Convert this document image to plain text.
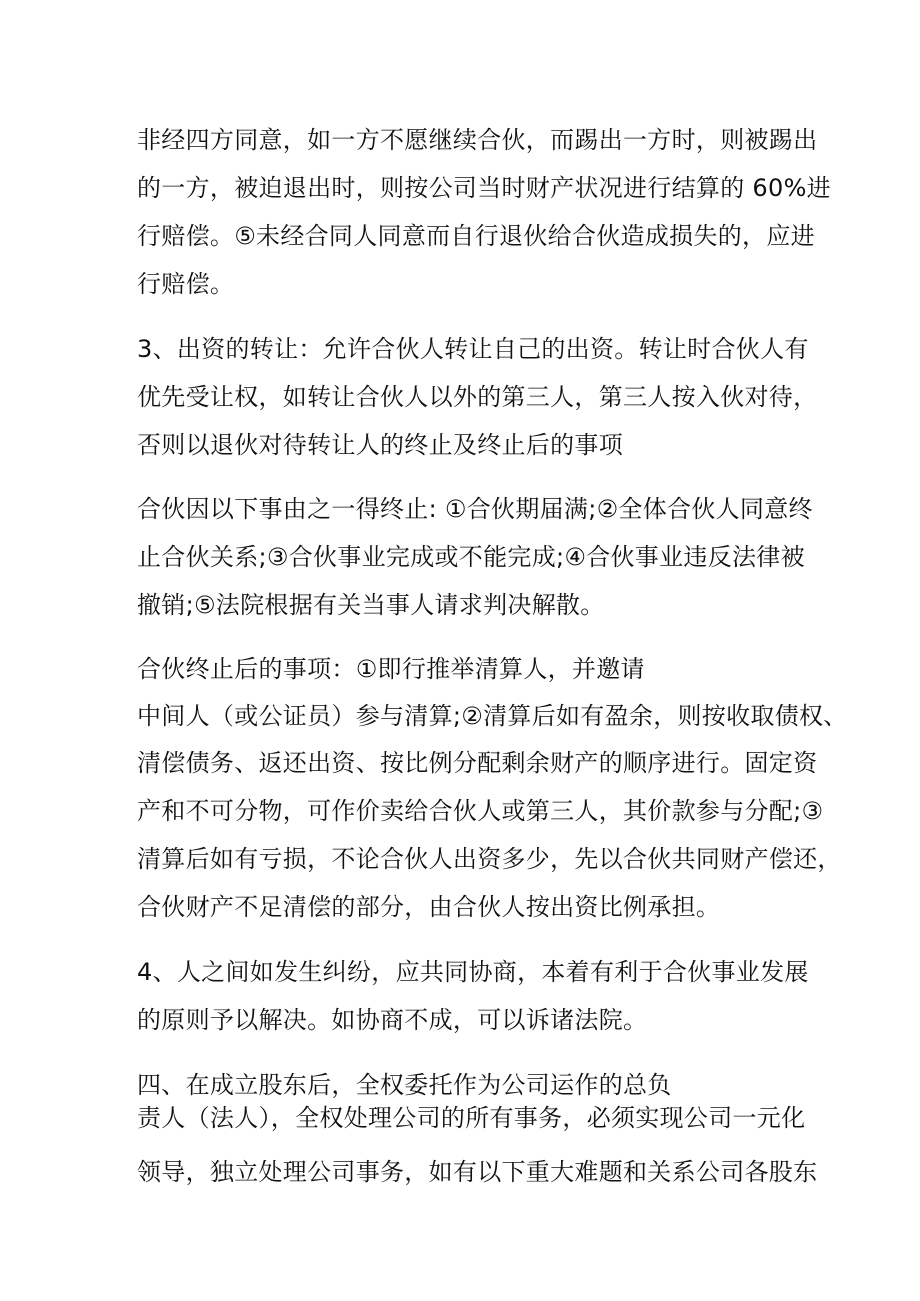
非经四方同意，如一方不愿继续合伙，而踢出一方时，则被踢出
的一方，被迫退出时，则按公司当时财产状况进行结算的 60%进
行赔偿。⑤未经合同人同意而自行退伙给合伙造成损失的，应进
行赔偿。
3、出资的转让：允许合伙人转让自己的出资。转让时合伙人有
优先受让权，如转让合伙人以外的第三人，第三人按入伙对待，
否则以退伙对待转让人的终止及终止后的事项
合伙因以下事由之一得终止: ①合伙期届满;②全体合伙人同意终
止合伙关系;③合伙事业完成或不能完成;④合伙事业违反法律被
撤销;⑤法院根据有关当事人请求判决解散。
合伙终止后的事项：①即行推举清算人，并邀请
中间人（或公证员）参与清算;②清算后如有盈余，则按收取债权、
清偿债务、返还出资、按比例分配剩余财产的顺序进行。固定资
产和不可分物，可作价卖给合伙人或第三人，其价款参与分配;③
清算后如有亏损，不论合伙人出资多少，先以合伙共同财产偿还，
合伙财产不足清偿的部分，由合伙人按出资比例承担。
4、人之间如发生纠纷，应共同协商，本着有利于合伙事业发展
的原则予以解决。如协商不成，可以诉诸法院。
四、在成立股东后，全权委托作为公司运作的总负
责人（法人），全权处理公司的所有事务，必须实现公司一元化
领导，独立处理公司事务，如有以下重大难题和关系公司各股东
